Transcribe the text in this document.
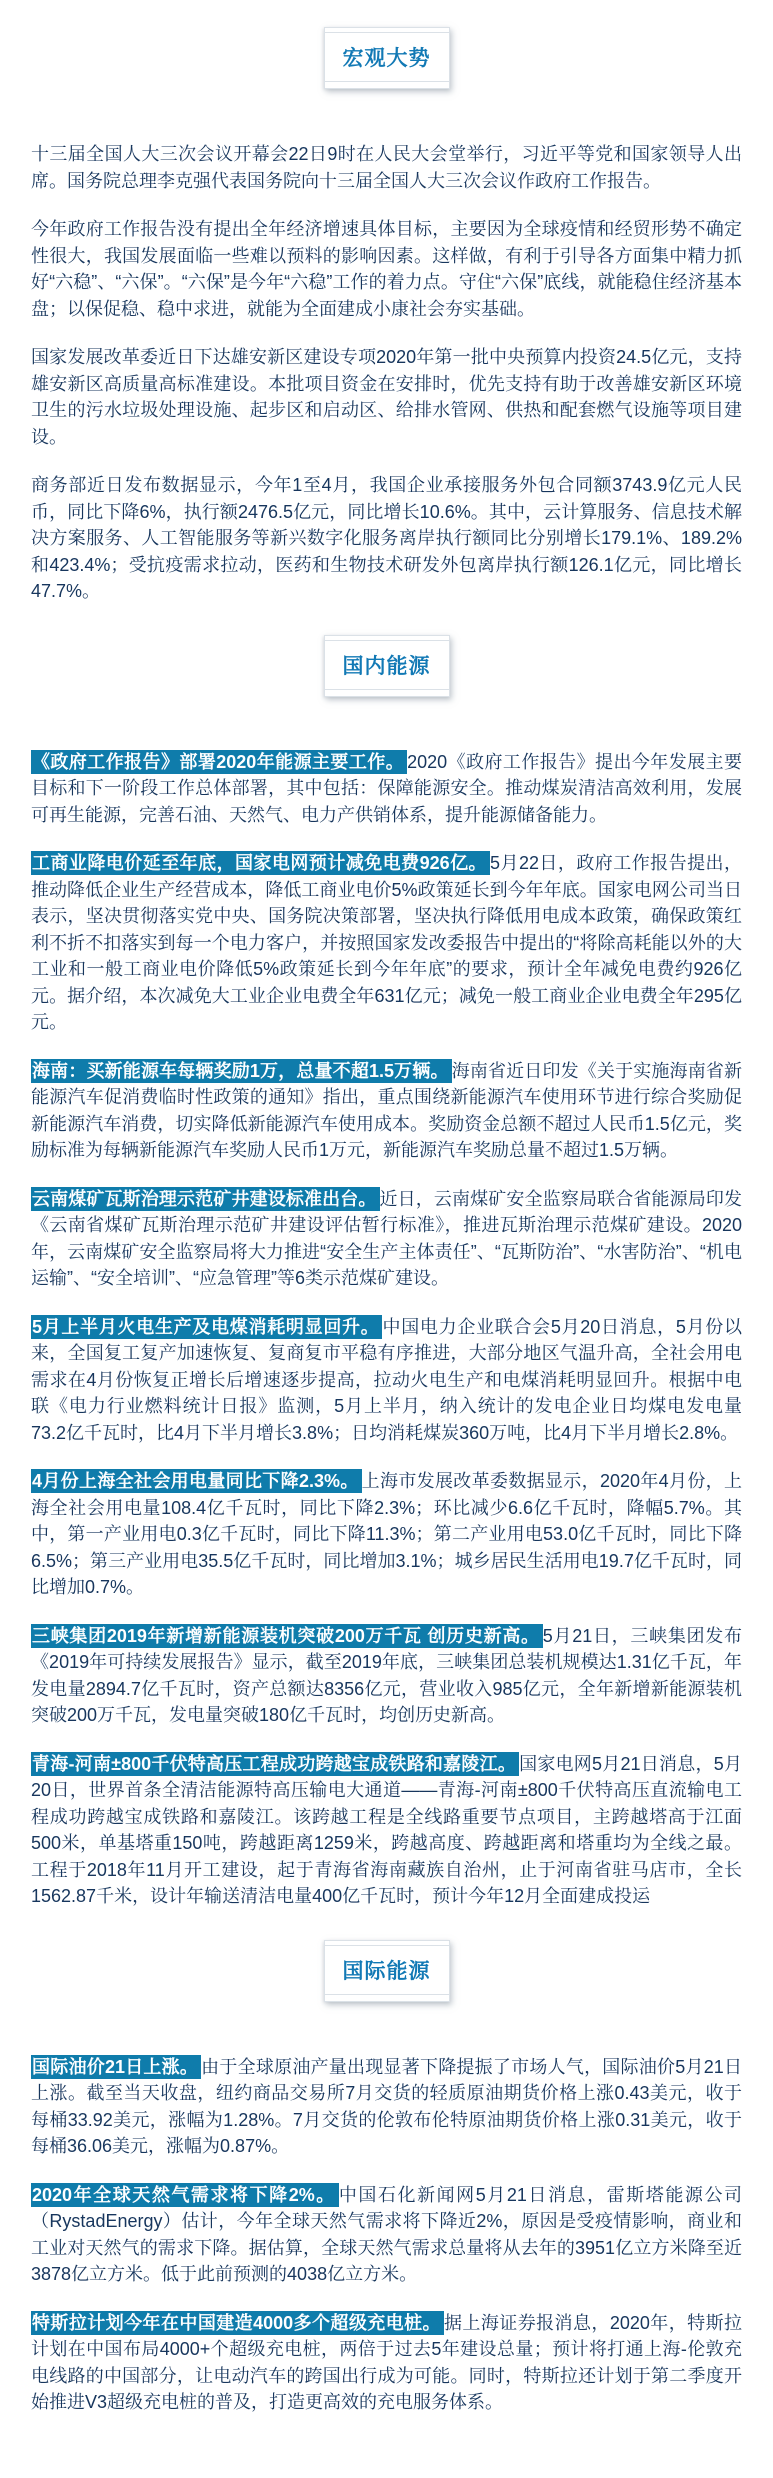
宏观大势

十三届全国人大三次会议开幕会22日9时在人民大会堂举行，习近平等党和国家领导人出席。国务院总理李克强代表国务院向十三届全国人大三次会议作政府工作报告。

今年政府工作报告没有提出全年经济增速具体目标，主要因为全球疫情和经贸形势不确定性很大，我国发展面临一些难以预料的影响因素。这样做，有利于引导各方面集中精力抓好“六稳”、“六保”。“六保”是今年“六稳”工作的着力点。守住“六保”底线，就能稳住经济基本盘；以保促稳、稳中求进，就能为全面建成小康社会夯实基础。

国家发展改革委近日下达雄安新区建设专项2020年第一批中央预算内投资24.5亿元，支持雄安新区高质量高标准建设。本批项目资金在安排时，优先支持有助于改善雄安新区环境卫生的污水垃圾处理设施、起步区和启动区、给排水管网、供热和配套燃气设施等项目建设。

商务部近日发布数据显示，今年1至4月，我国企业承接服务外包合同额3743.9亿元人民币，同比下降6%，执行额2476.5亿元，同比增长10.6%。其中，云计算服务、信息技术解决方案服务、人工智能服务等新兴数字化服务离岸执行额同比分别增长179.1%、189.2%和423.4%；受抗疫需求拉动，医药和生物技术研发外包离岸执行额126.1亿元，同比增长47.7%。

国内能源

《政府工作报告》部署2020年能源主要工作。 2020《政府工作报告》提出今年发展主要目标和下一阶段工作总体部署，其中包括：保障能源安全。推动煤炭清洁高效利用，发展可再生能源，完善石油、天然气、电力产供销体系，提升能源储备能力。

工商业降电价延至年底，国家电网预计减免电费926亿。 5月22日，政府工作报告提出，推动降低企业生产经营成本，降低工商业电价5%政策延长到今年年底。国家电网公司当日表示，坚决贯彻落实党中央、国务院决策部署，坚决执行降低用电成本政策，确保政策红利不折不扣落实到每一个电力客户，并按照国家发改委报告中提出的“将除高耗能以外的大工业和一般工商业电价降低5%政策延长到今年年底”的要求，预计全年减免电费约926亿元。据介绍，本次减免大工业企业电费全年631亿元；减免一般工商业企业电费全年295亿元。

海南：买新能源车每辆奖励1万，总量不超1.5万辆。 海南省近日印发《关于实施海南省新能源汽车促消费临时性政策的通知》指出，重点围绕新能源汽车使用环节进行综合奖励促新能源汽车消费，切实降低新能源汽车使用成本。奖励资金总额不超过人民币1.5亿元，奖励标准为每辆新能源汽车奖励人民币1万元，新能源汽车奖励总量不超过1.5万辆。

云南煤矿瓦斯治理示范矿井建设标准出台。 近日，云南煤矿安全监察局联合省能源局印发《云南省煤矿瓦斯治理示范矿井建设评估暂行标准》，推进瓦斯治理示范煤矿建设。2020年，云南煤矿安全监察局将大力推进“安全生产主体责任”、“瓦斯防治”、“水害防治”、“机电运输”、“安全培训”、“应急管理”等6类示范煤矿建设。

5月上半月火电生产及电煤消耗明显回升。 中国电力企业联合会5月20日消息，5月份以来，全国复工复产加速恢复、复商复市平稳有序推进，大部分地区气温升高，全社会用电需求在4月份恢复正增长后增速逐步提高，拉动火电生产和电煤消耗明显回升。根据中电联《电力行业燃料统计日报》监测，5月上半月，纳入统计的发电企业日均煤电发电量73.2亿千瓦时，比4月下半月增长3.8%；日均消耗煤炭360万吨，比4月下半月增长2.8%。

4月份上海全社会用电量同比下降2.3%。 上海市发展改革委数据显示，2020年4月份，上海全社会用电量108.4亿千瓦时，同比下降2.3%；环比减少6.6亿千瓦时，降幅5.7%。其中，第一产业用电0.3亿千瓦时，同比下降11.3%；第二产业用电53.0亿千瓦时，同比下降6.5%；第三产业用电35.5亿千瓦时，同比增加3.1%；城乡居民生活用电19.7亿千瓦时，同比增加0.7%。

三峡集团2019年新增新能源装机突破200万千瓦 创历史新高。 5月21日，三峡集团发布《2019年可持续发展报告》显示，截至2019年底，三峡集团总装机规模达1.31亿千瓦，年发电量2894.7亿千瓦时，资产总额达8356亿元，营业收入985亿元，全年新增新能源装机突破200万千瓦，发电量突破180亿千瓦时，均创历史新高。

青海-河南±800千伏特高压工程成功跨越宝成铁路和嘉陵江。 国家电网5月21日消息，5月20日，世界首条全清洁能源特高压输电大通道——青海-河南±800千伏特高压直流输电工程成功跨越宝成铁路和嘉陵江。该跨越工程是全线路重要节点项目，主跨越塔高于江面500米，单基塔重150吨，跨越距离1259米，跨越高度、跨越距离和塔重均为全线之最。工程于2018年11月开工建设，起于青海省海南藏族自治州，止于河南省驻马店市，全长1562.87千米，设计年输送清洁电量400亿千瓦时，预计今年12月全面建成投运

国际能源

国际油价21日上涨。 由于全球原油产量出现显著下降提振了市场人气，国际油价5月21日上涨。截至当天收盘，纽约商品交易所7月交货的轻质原油期货价格上涨0.43美元，收于每桶33.92美元，涨幅为1.28%。7月交货的伦敦布伦特原油期货价格上涨0.31美元，收于每桶36.06美元，涨幅为0.87%。

2020年全球天然气需求将下降2%。 中国石化新闻网5月21日消息，雷斯塔能源公司（RystadEnergy）估计，今年全球天然气需求将下降近2%，原因是受疫情影响，商业和工业对天然气的需求下降。据估算，全球天然气需求总量将从去年的3951亿立方米降至近3878亿立方米。低于此前预测的4038亿立方米。

特斯拉计划今年在中国建造4000多个超级充电桩。 据上海证券报消息，2020年，特斯拉计划在中国布局4000+个超级充电桩，两倍于过去5年建设总量；预计将打通上海-伦敦充电线路的中国部分，让电动汽车的跨国出行成为可能。同时，特斯拉还计划于第二季度开始推进V3超级充电桩的普及，打造更高效的充电服务体系。
